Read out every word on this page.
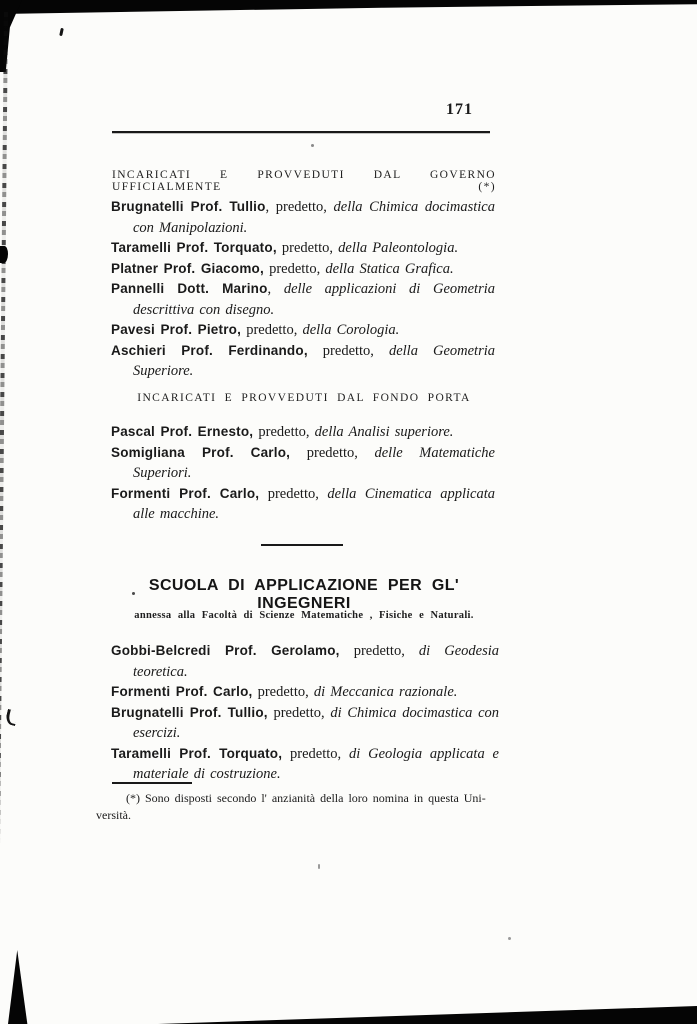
171
INCARICATI E PROVVEDUTI DAL GOVERNO UFFICIALMENTE (*)

Brugnatelli Prof. Tullio, predetto, della Chimica docimastica con Manipolazioni.

Taramelli Prof. Torquato, predetto, della Paleontologia.

Platner Prof. Giacomo, predetto, della Statica Grafica.

Pannelli Dott. Marino, delle applicazioni di Geometria descrittiva con disegno.

Pavesi Prof. Pietro, predetto, della Corologia.

Aschieri Prof. Ferdinando, predetto, della Geometria Superiore.

INCARICATI E PROVVEDUTI DAL FONDO PORTA

Pascal Prof. Ernesto, predetto, della Analisi superiore.

Somigliana Prof. Carlo, predetto, delle Matematiche Superiori.

Formenti Prof. Carlo, predetto, della Cinematica applicata alle macchine.

SCUOLA DI APPLICAZIONE PER GL' INGEGNERI

annessa alla Facoltà di Scienze Matematiche , Fisiche e Naturali.

Gobbi-Belcredi Prof. Gerolamo, predetto, di Geodesia teoretica.

Formenti Prof. Carlo, predetto, di Meccanica razionale.

Brugnatelli Prof. Tullio, predetto, di Chimica docimastica con esercizi.

Taramelli Prof. Torquato, predetto, di Geologia applicata e materiale di costruzione.

(*) Sono disposti secondo l' anzianità della loro nomina in questa Uni-
versità.
